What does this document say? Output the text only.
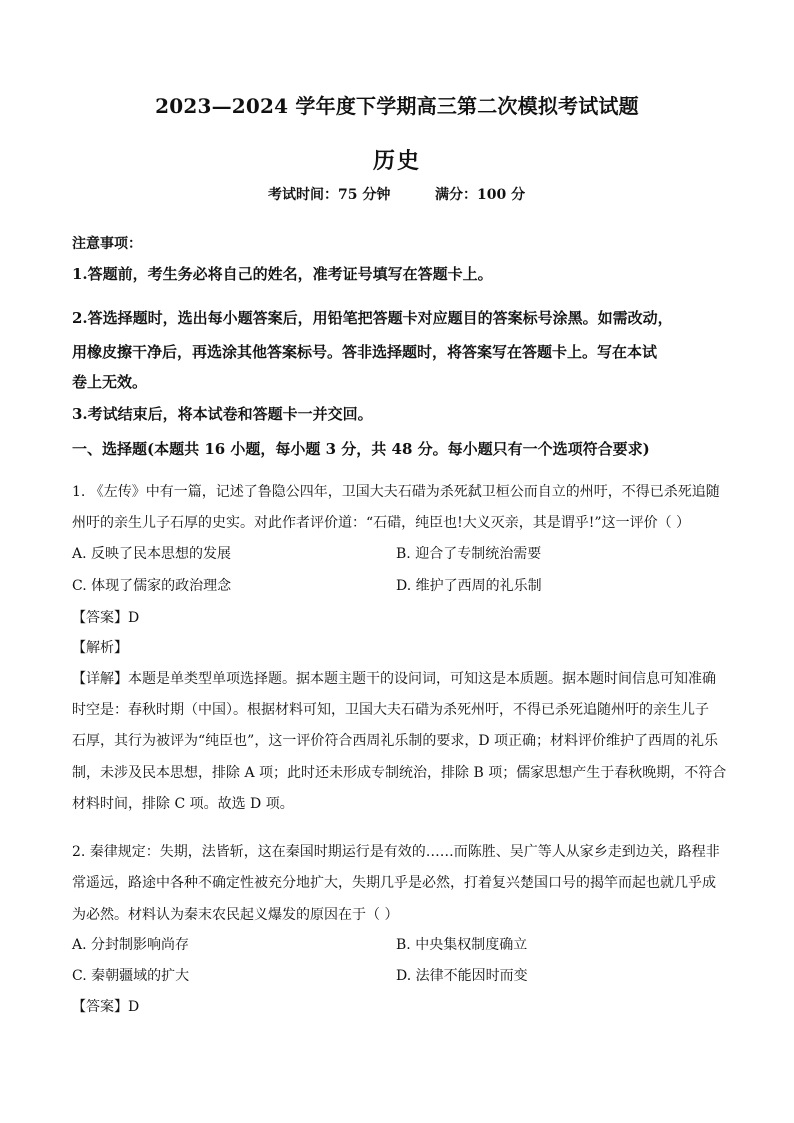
2023—2024 学年度下学期高三第二次模拟考试试题
历史
考试时间：75 分钟	满分：100 分
注意事项：
1.答题前，考生务必将自己的姓名，准考证号填写在答题卡上。
2.答选择题时，选出每小题答案后，用铅笔把答题卡对应题目的答案标号涂黑。如需改动，
用橡皮擦干净后，再选涂其他答案标号。答非选择题时，将答案写在答题卡上。写在本试
卷上无效。
3.考试结束后，将本试卷和答题卡一并交回。
一、选择题(本题共 16 小题，每小题 3 分，共 48 分。每小题只有一个选项符合要求)
1. 《左传》中有一篇，记述了鲁隐公四年，卫国大夫石碏为杀死弑卫桓公而自立的州吁，不得已杀死追随
州吁的亲生儿子石厚的史实。对此作者评价道：“石碏，纯臣也!大义灭亲，其是谓乎!”这一评价（ ）
A. 反映了民本思想的发展	B. 迎合了专制统治需要
C. 体现了儒家的政治理念	D. 维护了西周的礼乐制
【答案】D
【解析】
【详解】本题是单类型单项选择题。据本题主题干的设问词，可知这是本质题。据本题时间信息可知准确
时空是：春秋时期（中国）。根据材料可知，卫国大夫石碏为杀死州吁，不得已杀死追随州吁的亲生儿子
石厚，其行为被评为“纯臣也”，这一评价符合西周礼乐制的要求，D 项正确；材料评价维护了西周的礼乐
制，未涉及民本思想，排除 A 项；此时还未形成专制统治，排除 B 项；儒家思想产生于春秋晚期，不符合
材料时间，排除 C 项。故选 D 项。
2. 秦律规定：失期，法皆斩，这在秦国时期运行是有效的……而陈胜、吴广等人从家乡走到边关，路程非
常遥远，路途中各种不确定性被充分地扩大，失期几乎是必然，打着复兴楚国口号的揭竿而起也就几乎成
为必然。材料认为秦末农民起义爆发的原因在于（ ）
A. 分封制影响尚存	B. 中央集权制度确立
C. 秦朝疆域的扩大	D. 法律不能因时而变
【答案】D
